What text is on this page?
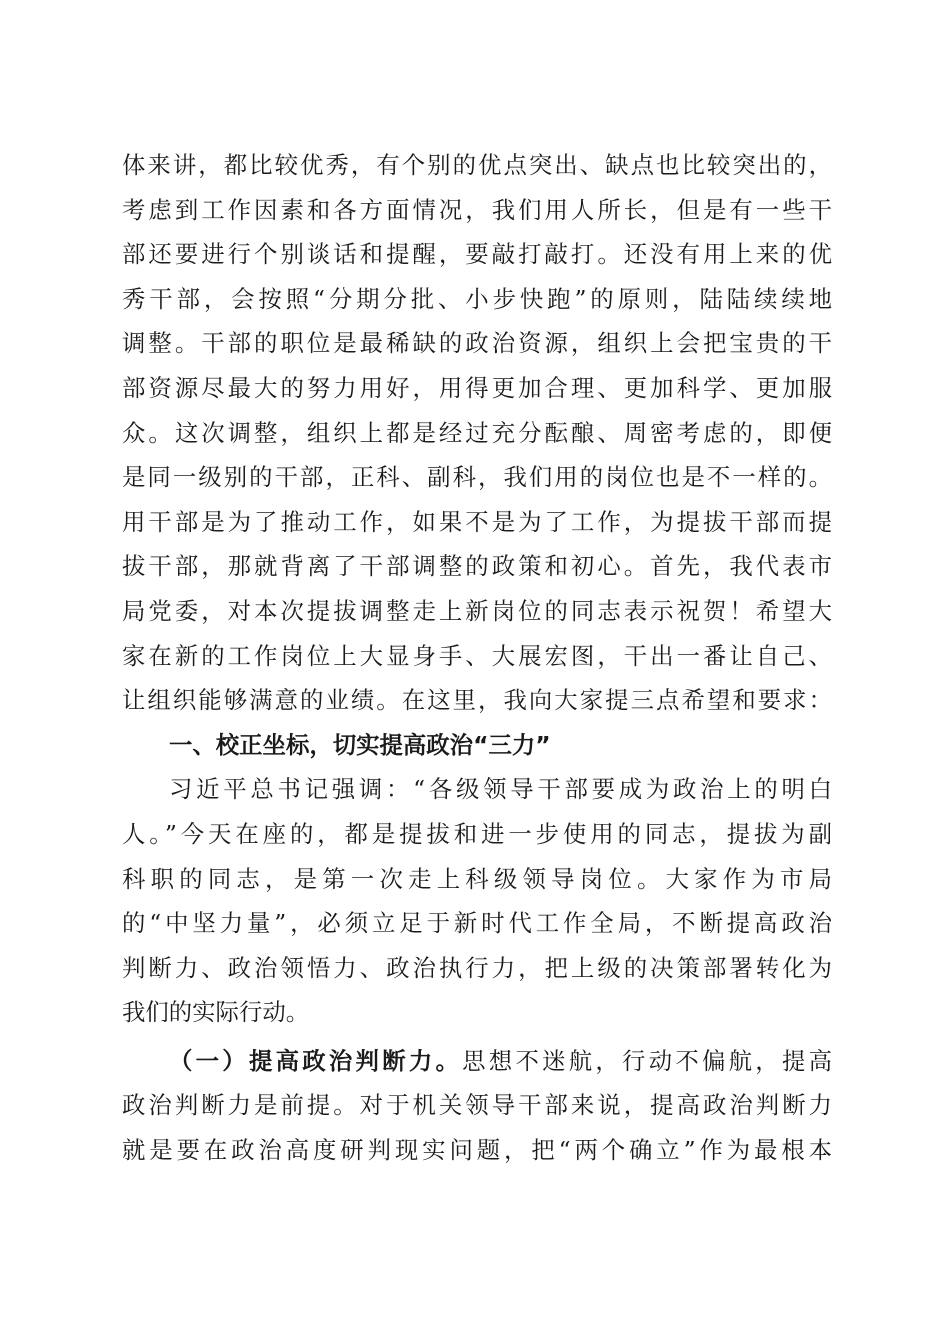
体来讲，都比较优秀，有个别的优点突出、缺点也比较突出的，
考虑到工作因素和各方面情况，我们用人所长，但是有一些干
部还要进行个别谈话和提醒，要敲打敲打。还没有用上来的优
秀干部，会按照“分期分批、小步快跑”的原则，陆陆续续地
调整。干部的职位是最稀缺的政治资源，组织上会把宝贵的干
部资源尽最大的努力用好，用得更加合理、更加科学、更加服
众。这次调整，组织上都是经过充分酝酿、周密考虑的，即便
是同一级别的干部，正科、副科，我们用的岗位也是不一样的。
用干部是为了推动工作，如果不是为了工作，为提拔干部而提
拔干部，那就背离了干部调整的政策和初心。首先，我代表市
局党委，对本次提拔调整走上新岗位的同志表示祝贺！希望大
家在新的工作岗位上大显身手、大展宏图，干出一番让自己、
让组织能够满意的业绩。在这里，我向大家提三点希望和要求：
一、校正坐标，切实提高政治“三力”
习近平总书记强调：“各级领导干部要成为政治上的明白
人。”今天在座的，都是提拔和进一步使用的同志，提拔为副
科职的同志，是第一次走上科级领导岗位。大家作为市局
的“中坚力量”，必须立足于新时代工作全局，不断提高政治
判断力、政治领悟力、政治执行力，把上级的决策部署转化为
我们的实际行动。
（一）提高政治判断力。思想不迷航，行动不偏航，提高
政治判断力是前提。对于机关领导干部来说，提高政治判断力
就是要在政治高度研判现实问题，把“两个确立”作为最根本
